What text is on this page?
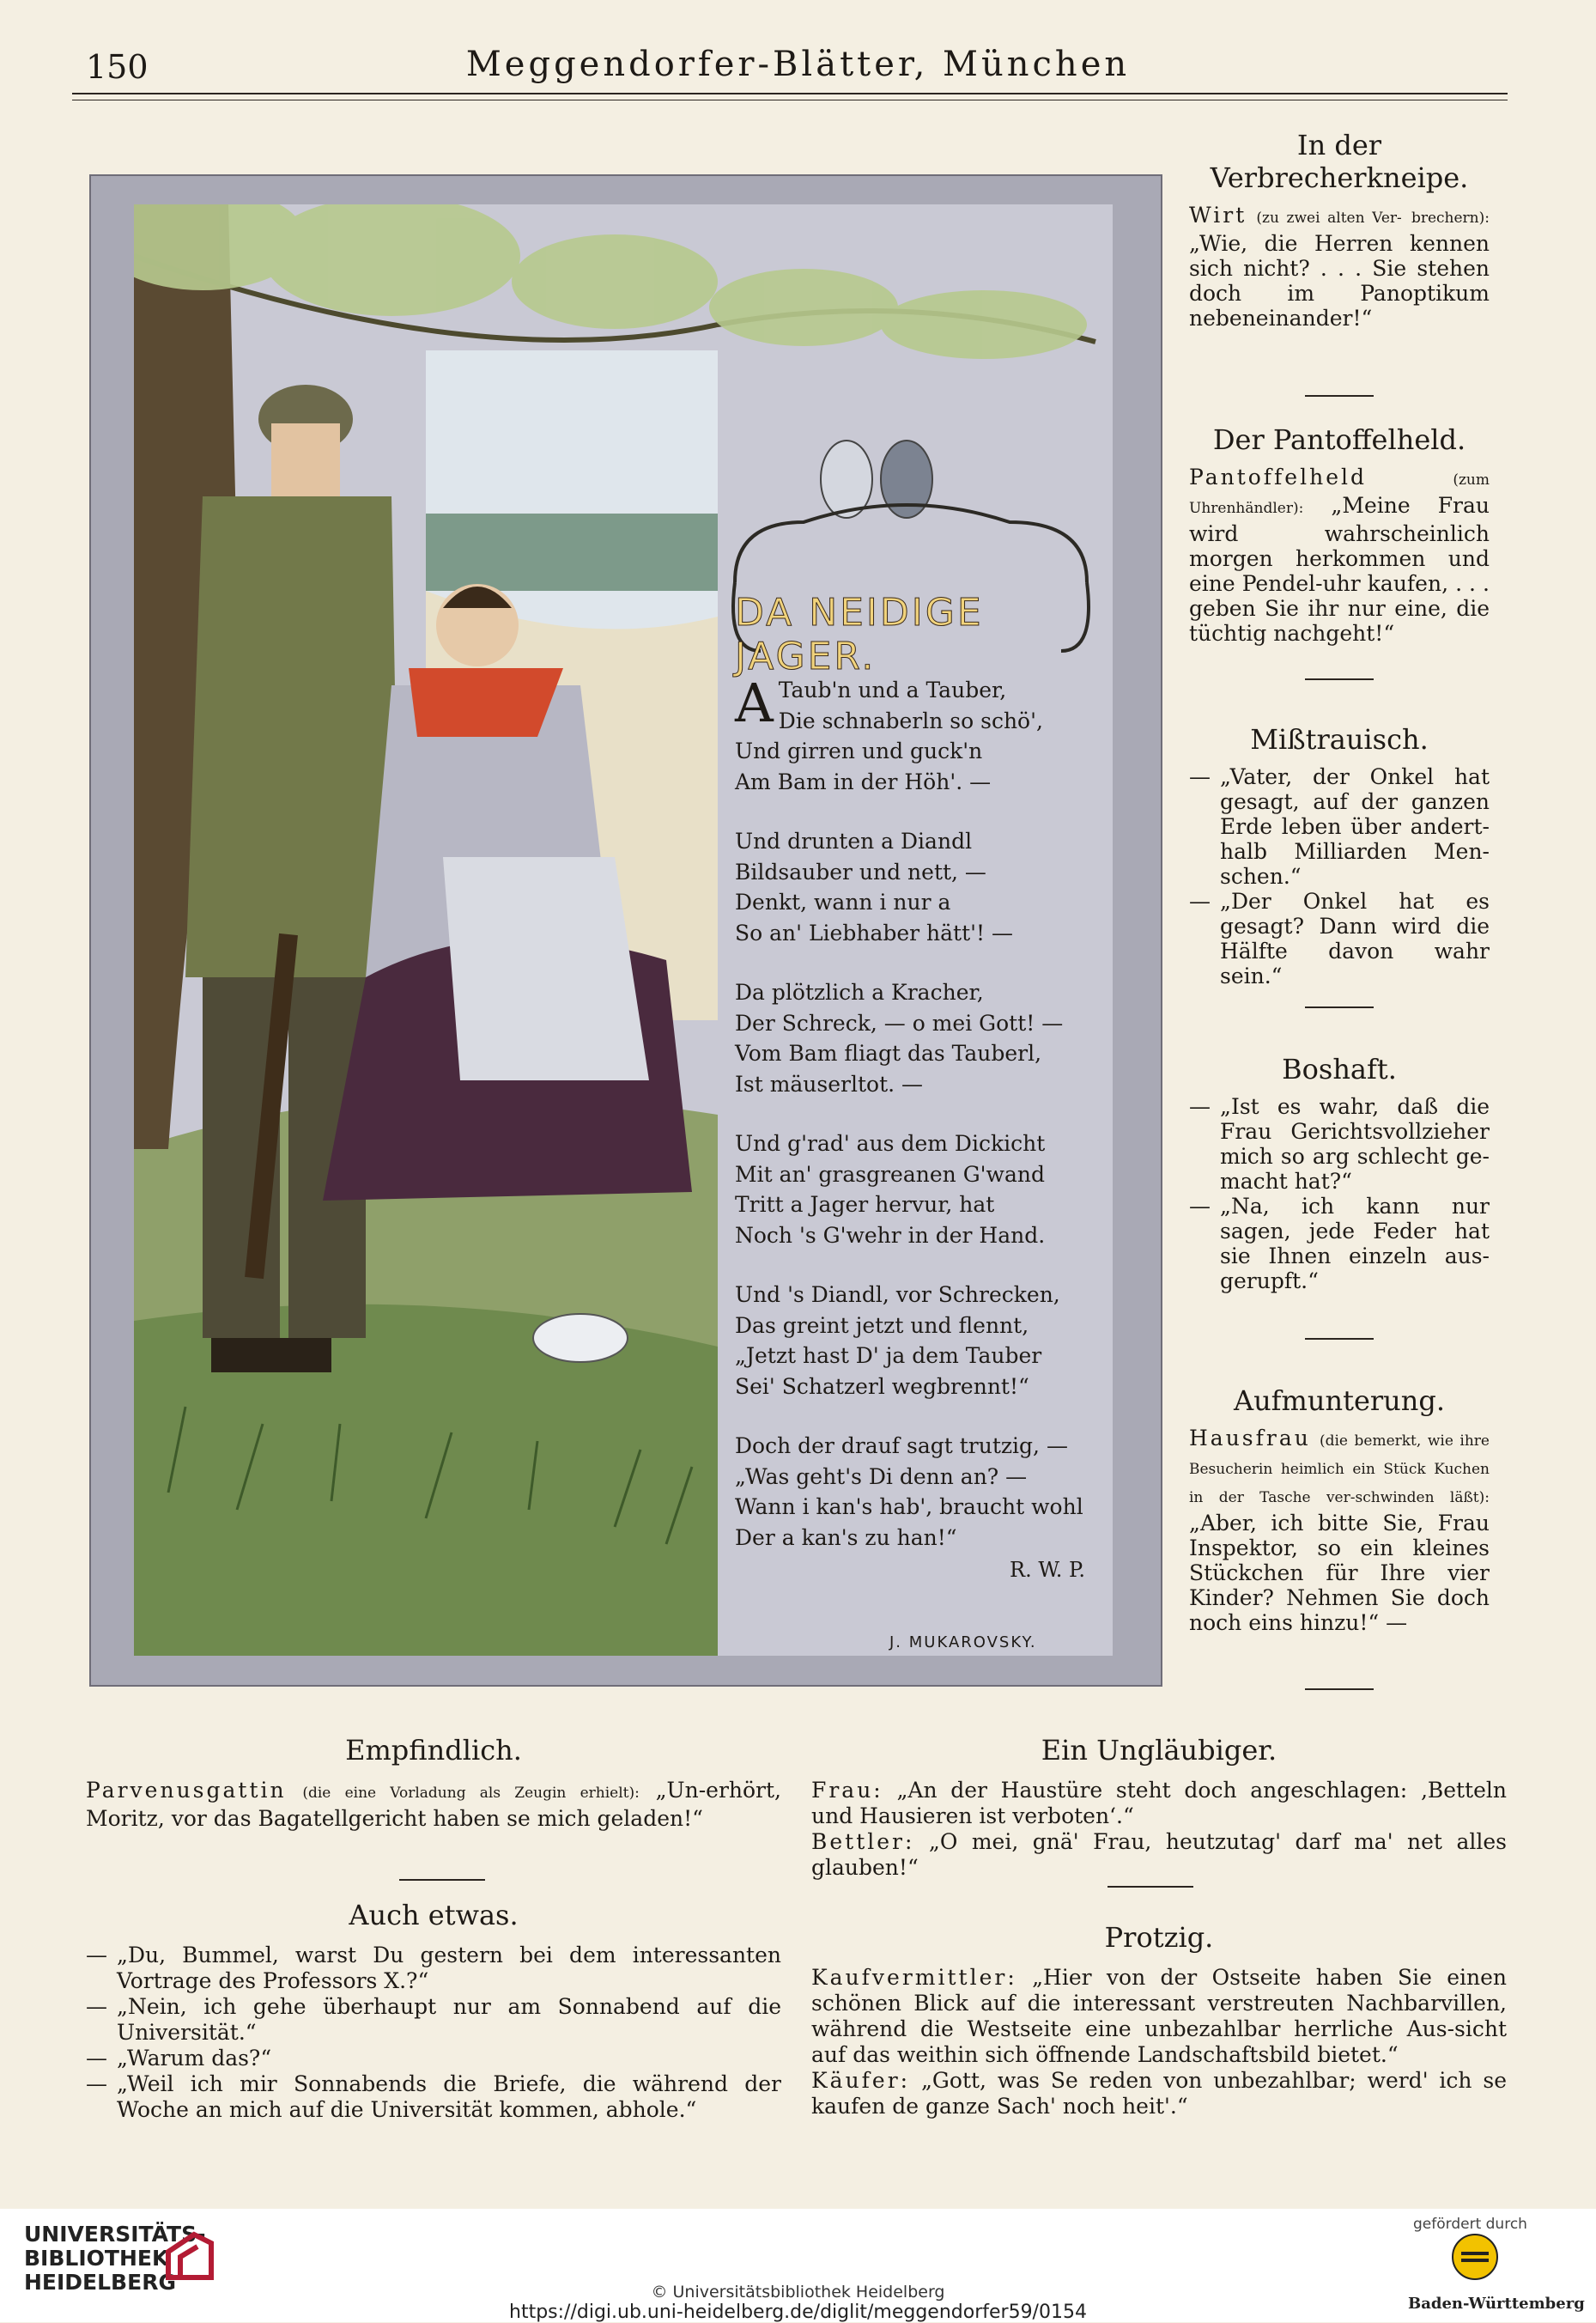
150	Meggendorfer-Blätter, München
DA NEIDIGE JAGER.
A Taub'n und a Tauber,
Die schnaberln so schö',
Und girren und guck'n
Am Bam in der Höh'. —
Und drunten a Diandl
Bildsauber und nett, —
Denkt, wann i nur a
So an' Liebhaber hätt'! —
Da plötzlich a Kracher,
Der Schreck, — o mei Gott! —
Vom Bam fliagt das Tauberl,
Ist mäuserltot. —
Und g'rad' aus dem Dickicht
Mit an' grasgreanen G'wand
Tritt a Jager hervur, hat
Noch 's G'wehr in der Hand.
Und 's Diandl, vor Schrecken,
Das greint jetzt und flennt,
„Jetzt hast D' ja dem Tauber
Sei' Schatzerl wegbrennt!“
Doch der drauf sagt trutzig, —
„Was geht's Di denn an? —
Wann i kan's hab', braucht wohl
Der a kan's zu han!“
R. W. P.
J. MUKAROVSKY.
In der
Verbrecherkneipe.

Wirt (zu zwei alten Ver- brechern): „Wie, die Herren kennen sich nicht? . . . Sie stehen doch im Panoptikum nebeneinander!“

Der Pantoffelheld.

Pantoffelheld	(zum Uhrenhändler): „Meine Frau wird wahrscheinlich morgen herkommen und eine Pendel-uhr kaufen, . . . geben Sie ihr nur eine, die tüchtig nachgeht!“

Mißtrauisch.
— „Vater, der Onkel hat gesagt, auf der ganzen Erde leben über andert-halb Milliarden Men-schen.“

— „Der Onkel hat es gesagt? Dann wird die Hälfte davon wahr sein.“

Boshaft.
— „Ist es wahr, daß die Frau Gerichtsvollzieher mich so arg schlecht ge-macht hat?“

— „Na, ich kann nur sagen, jede Feder hat sie Ihnen einzeln aus-gerupft.“

Aufmunterung.

Hausfrau (die bemerkt, wie ihre Besucherin heimlich ein Stück Kuchen in der Tasche ver-schwinden läßt): „Aber, ich bitte Sie, Frau Inspektor, so ein kleines Stückchen für Ihre vier Kinder? Nehmen Sie doch noch eins hinzu!“ —

Empfindlich.

Parvenusgattin (die eine Vorladung als Zeugin erhielt): „Un-erhört, Moritz, vor das Bagatellgericht haben se mich geladen!“

Auch etwas.
— „Du, Bummel, warst Du gestern bei dem interessanten Vortrage des Professors X.?“

— „Nein, ich gehe überhaupt nur am Sonnabend auf die Universität.“

— „Warum das?“

— „Weil ich mir Sonnabends die Briefe, die während der Woche an mich auf die Universität kommen, abhole.“

Ein Ungläubiger.

Frau: „An der Haustüre steht doch angeschlagen: ‚Betteln und Hausieren ist verboten‘.“

Bettler: „O mei, gnä' Frau, heutzutag' darf ma' net alles glauben!“

Protzig.

Kaufvermittler: „Hier von der Ostseite haben Sie einen schönen Blick auf die interessant verstreuten Nachbarvillen, während die Westseite eine unbezahlbar herrliche Aus-sicht auf das weithin sich öffnende Landschaftsbild bietet.“

Käufer: „Gott, was Se reden von unbezahlbar; werd' ich se kaufen de ganze Sach' noch heit'.“

UNIVERSITÄTS-
BIBLIOTHEK
HEIDELBERG	© Universitätsbibliothek Heidelberg
https://digi.ub.uni-heidelberg.de/diglit/meggendorfer59/0154
gefördert durch
Baden-Württemberg
